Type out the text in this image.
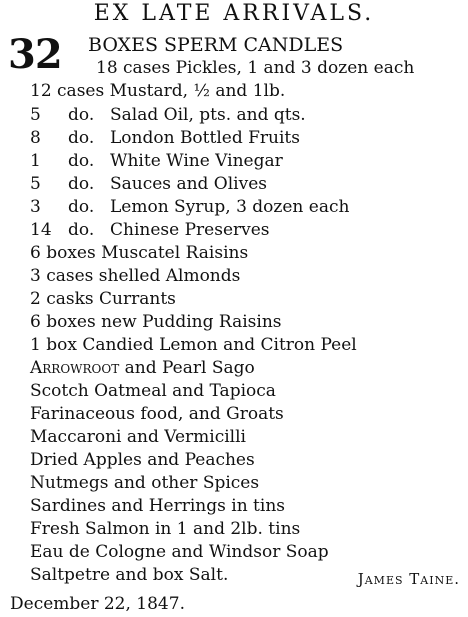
EX LATE ARRIVALS.
32 BOXES SPERM CANDLES
18 cases Pickles, 1 and 3 dozen each
12 cases Mustard, ½ and 1lb.
5 do. Salad Oil, pts. and qts.
8 do. London Bottled Fruits
1 do. White Wine Vinegar
5 do. Sauces and Olives
3 do. Lemon Syrup, 3 dozen each
14 do. Chinese Preserves
6 boxes Muscatel Raisins
3 cases shelled Almonds
2 casks Currants
6 boxes new Pudding Raisins
1 box Candied Lemon and Citron Peel
Arrowroot and Pearl Sago
Scotch Oatmeal and Tapioca
Farinaceous food, and Groats
Maccaroni and Vermicilli
Dried Apples and Peaches
Nutmegs and other Spices
Sardines and Herrings in tins
Fresh Salmon in 1 and 2lb. tins
Eau de Cologne and Windsor Soap
Saltpetre and box Salt.	James Taine.
December 22, 1847.
